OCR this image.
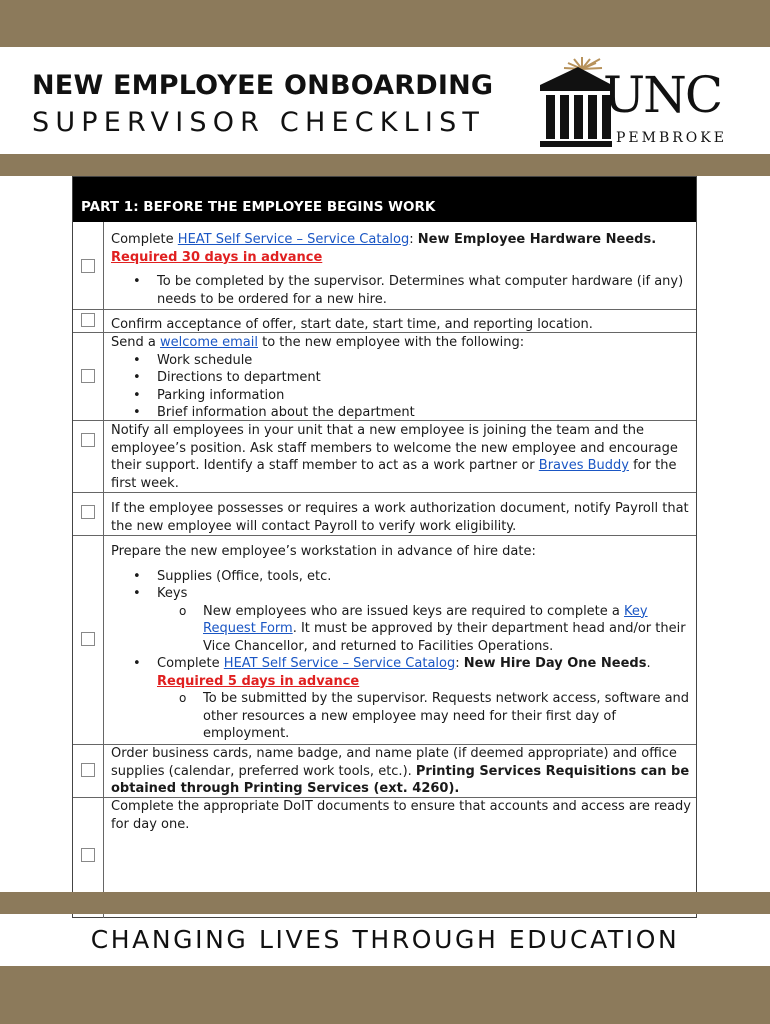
NEW EMPLOYEE ONBOARDING
SUPERVISOR CHECKLIST UNC
PEMBROKE
PART 1: BEFORE THE EMPLOYEE BEGINS WORK

Complete HEAT Self Service – Service Catalog: New Employee Hardware Needs. Required 30 days in advance

• To be completed by the supervisor. Determines what computer hardware (if any) needs to be ordered for a new hire.

Confirm acceptance of offer, start date, start time, and reporting location.

Send a welcome email to the new employee with the following:

• Work schedule
• Directions to department
• Parking information
• Brief information about the department

Notify all employees in your unit that a new employee is joining the team and the employee’s position. Ask staff members to welcome the new employee and encourage their support. Identify a staff member to act as a work partner or Braves Buddy for the first week.

If the employee possesses or requires a work authorization document, notify Payroll that the new employee will contact Payroll to verify work eligibility.

Prepare the new employee’s workstation in advance of hire date:

• Supplies (Office, tools, etc.
• Keys
o New employees who are issued keys are required to complete a Key Request Form. It must be approved by their department head and/or their Vice Chancellor, and returned to Facilities Operations.
• Complete HEAT Self Service – Service Catalog: New Hire Day One Needs.
Required 5 days in advance
o To be submitted by the supervisor. Requests network access, software and other resources a new employee may need for their first day of employment.

Order business cards, name badge, and name plate (if deemed appropriate) and office supplies (calendar, preferred work tools, etc.). Printing Services Requisitions can be obtained through Printing Services (ext. 4260).

Complete the appropriate DoIT documents to ensure that accounts and access are ready for day one.

CHANGING LIVES THROUGH EDUCATION
